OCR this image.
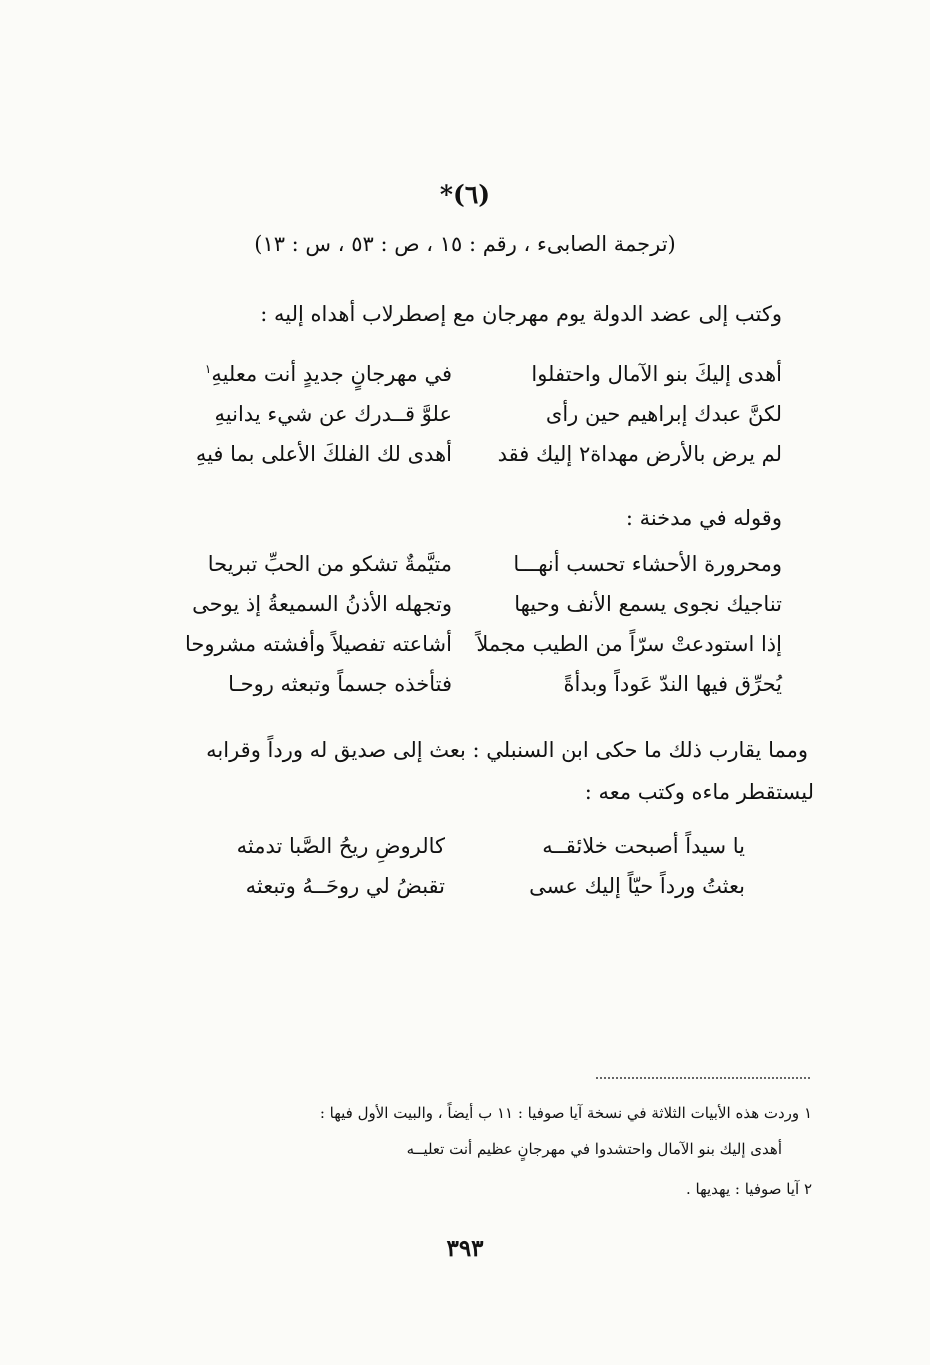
(٦)*
(ترجمة الصابىء ، رقم : ١٥ ، ص : ٥٣ ، س : ١٣)
وكتب إلى عضد الدولة يوم مهرجان مع إصطرلاب أهداه إليه :
أهدى إليكَ بنو الآمال واحتفلوا
في مهرجانٍ جديدٍ أنت معليهِ$^١$
لكنَّ عبدك إبراهيم حين رأى
علوَّ قــدرك عن شيء يدانيهِ
لم يرض بالأرض مهداة٢ إليك فقد
أهدى لك الفلكَ الأعلى بما فيهِ
وقوله في مدخنة :
ومحرورة الأحشاء تحسب أنهـــا
متيَّمةٌ تشكو من الحبِّ تبريحا
تناجيك نجوى يسمع الأنف وحيها
وتجهله الأذنُ السميعةُ إذ يوحى
إذا استودعتْ سرّاً من الطيب مجملاً
أشاعته تفصيلاً وأفشته مشروحا
يُحرِّق فيها الندّ عَوداً وبدأةً
فتأخذه جسماً وتبعثه روحـا
ومما يقارب ذلك ما حكى ابن السنبلي : بعث إلى صديق له ورداً وقرابه
ليستقطر ماءه وكتب معه :
يا سيداً أصبحت خلائقــه
كالروضِ ريحُ الصَّبا تدمثه
بعثتُ ورداً حيّاً إليك عسى
تقبضُ لي روحَــهُ وتبعثه
١ وردت هذه الأبيات الثلاثة في نسخة آيا صوفيا : ١١ ب أيضاً ، والبيت الأول فيها :
أهدى إليك بنو الآمال واحتشدوا في مهرجانٍ عظيم أنت تعليــه
٢ آيا صوفيا : يهديها .
٣٩٣
